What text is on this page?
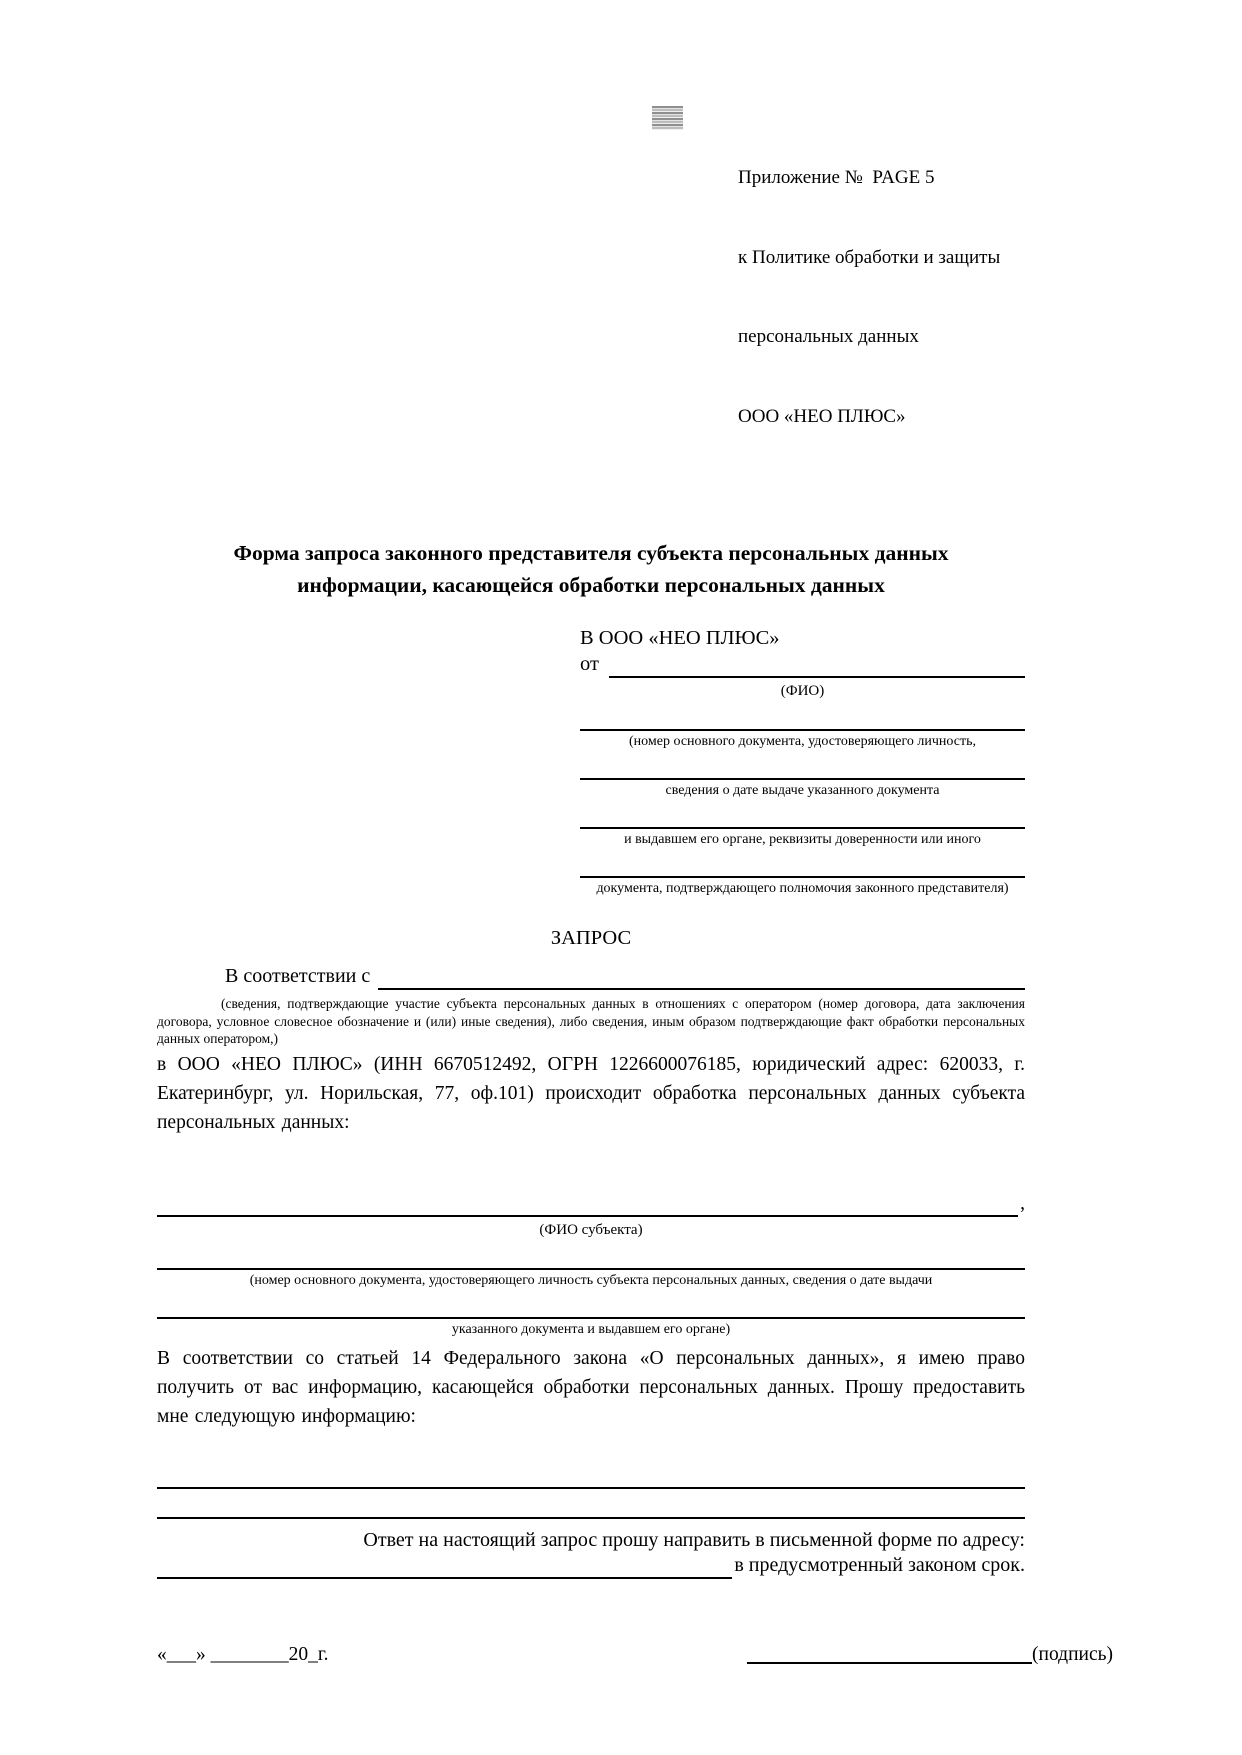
Приложение №  PAGE 5

к Политике обработки и защиты

персональных данных

ООО «НЕО ПЛЮС»

Форма запроса законного представителя субъекта персональных данных
информации, касающейся обработки персональных данных
В ООО «НЕО ПЛЮС»
от
(ФИО)
(номер основного документа, удостоверяющего личность,
сведения о дате выдаче указанного документа
и выдавшем его органе, реквизиты доверенности или иного
документа, подтверждающего полномочия законного представителя)
ЗАПРОС
В соответствии с
(сведения, подтверждающие участие субъекта персональных данных в отношениях с оператором (номер договора, дата заключения договора, условное словесное обозначение и (или) иные сведения), либо сведения, иным образом подтверждающие факт обработки персональных данных оператором,)
в ООО «НЕО ПЛЮС» (ИНН 6670512492, ОГРН 1226600076185, юридический адрес: 620033, г. Екатеринбург, ул. Норильская, 77, оф.101) происходит обработка персональных данных субъекта персональных данных:
,
(ФИО субъекта)
(номер основного документа, удостоверяющего личность субъекта персональных данных, сведения о дате выдачи
указанного документа и выдавшем его органе)
В соответствии со статьей 14 Федерального закона «О персональных данных», я имею право получить от вас информацию, касающейся обработки персональных данных. Прошу предоставить мне следующую информацию:
Ответ на настоящий запрос прошу направить в письменной форме по адресу:
в предусмотренный законом срок.
«___» ________20_г.	(подпись)
